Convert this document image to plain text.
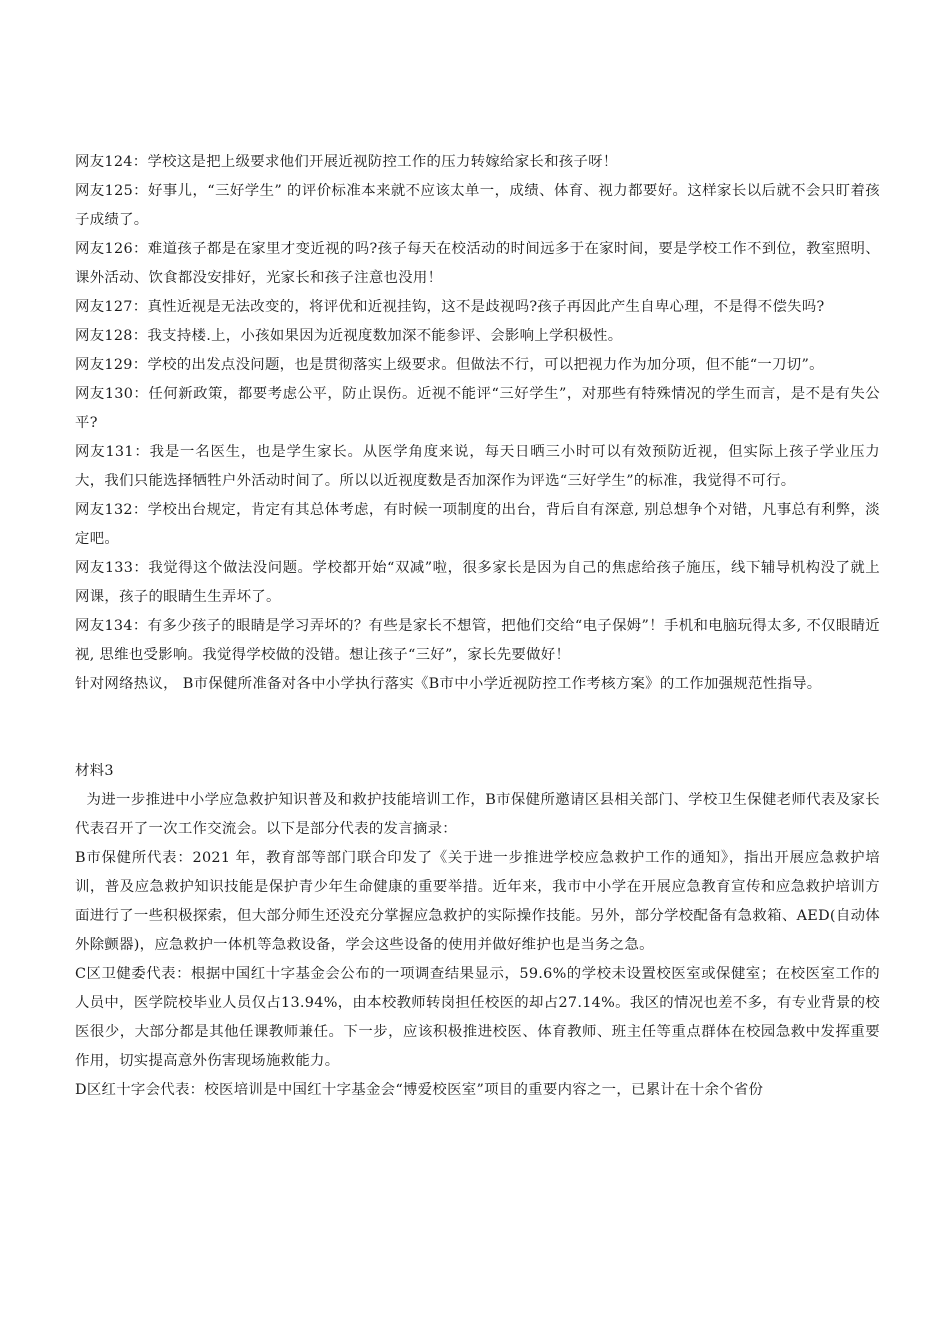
网友124：学校这是把上级要求他们开展近视防控工作的压力转嫁给家长和孩子呀！

网友125：好事儿，“三好学生” 的评价标准本来就不应该太单一，成绩、体育、视力都要好。这样家长以后就不会只盯着孩子成绩了。

网友126：难道孩子都是在家里才变近视的吗?孩子每天在校活动的时间远多于在家时间，要是学校工作不到位，教室照明、课外活动、饮食都没安排好，光家长和孩子注意也没用！

网友127：真性近视是无法改变的，将评优和近视挂钩，这不是歧视吗?孩子再因此产生自卑心理，不是得不偿失吗?

网友128：我支持楼.上，小孩如果因为近视度数加深不能参评、会影响上学积极性。

网友129：学校的出发点没问题，也是贯彻落实上级要求。但做法不行，可以把视力作为加分项，但不能“一刀切”。

网友130：任何新政策，都要考虑公平，防止误伤。近视不能评“三好学生”，对那些有特殊情况的学生而言，是不是有失公平?

网友131：我是一名医生，也是学生家长。从医学角度来说，每天日晒三小时可以有效预防近视，但实际上孩子学业压力大，我们只能选择牺牲户外活动时间了。所以以近视度数是否加深作为评选“三好学生”的标准，我觉得不可行。

网友132：学校出台规定，肯定有其总体考虑，有时候一项制度的出台，背后自有深意, 别总想争个对错，凡事总有利弊，淡定吧。

网友133：我觉得这个做法没问题。学校都开始“双减”啦，很多家长是因为自己的焦虑给孩子施压，线下辅导机构没了就上网课，孩子的眼睛生生弄坏了。

网友134：有多少孩子的眼睛是学习弄坏的？有些是家长不想管，把他们交给“电子保姆”！手机和电脑玩得太多, 不仅眼睛近视, 思维也受影响。我觉得学校做的没错。想让孩子“三好”，家长先要做好！

针对网络热议， B市保健所准备对各中小学执行落实《B市中小学近视防控工作考核方案》的工作加强规范性指导。

材料3

为进一步推进中小学应急救护知识普及和救护技能培训工作，B市保健所邀请区县相关部门、学校卫生保健老师代表及家长代表召开了一次工作交流会。以下是部分代表的发言摘录：

B市保健所代表：2021 年，教育部等部门联合印发了《关于进一步推进学校应急救护工作的通知》，指出开展应急救护培训，普及应急救护知识技能是保护青少年生命健康的重要举措。近年来，我市中小学在开展应急教育宣传和应急救护培训方面进行了一些积极探索，但大部分师生还没充分掌握应急救护的实际操作技能。另外，部分学校配备有急救箱、AED(自动体外除颤器)，应急救护一体机等急救设备，学会这些设备的使用并做好维护也是当务之急。

C区卫健委代表：根据中国红十字基金会公布的一项调查结果显示，59.6%的学校未设置校医室或保健室；在校医室工作的人员中，医学院校毕业人员仅占13.94%，由本校教师转岗担任校医的却占27.14%。我区的情况也差不多，有专业背景的校医很少，大部分都是其他任课教师兼任。下一步，应该积极推进校医、体育教师、班主任等重点群体在校园急救中发挥重要作用，切实提高意外伤害现场施救能力。

D区红十字会代表：校医培训是中国红十字基金会“博爱校医室”项目的重要内容之一，已累计在十余个省份
